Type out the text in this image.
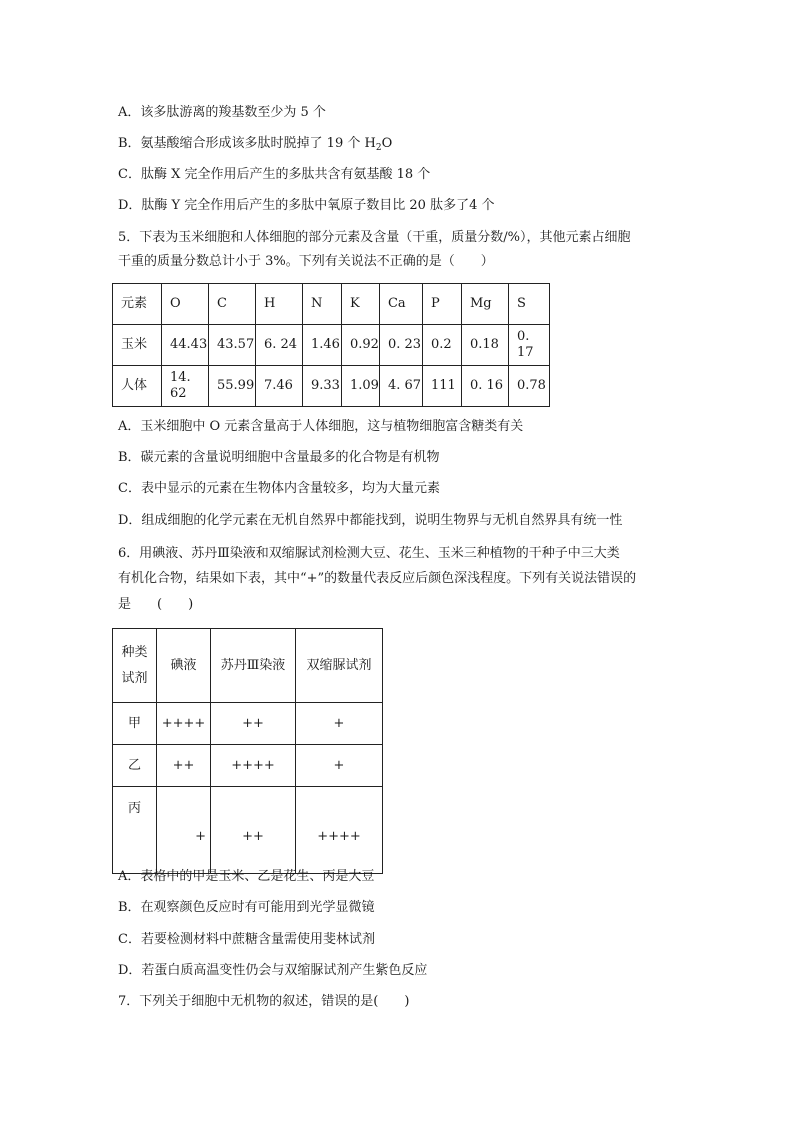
A．该多肽游离的羧基数至少为 5 个
B．氨基酸缩合形成该多肽时脱掉了 19 个 $H_2O$
C．肽酶 X 完全作用后产生的多肽共含有氨基酸 18 个
D．肽酶 Y 完全作用后产生的多肽中氧原子数目比 20 肽多了4 个
5．下表为玉米细胞和人体细胞的部分元素及含量（干重，质量分数/%），其他元素占细胞
干重的质量分数总计小于 3%。下列有关说法不正确的是（　　）
元素	O	C	H	N	K	Ca	P	Mg	S
玉米	44.43	43.57	6. 24	1.46	0.92	0. 23	0.2	0.18	0. 17
人体	14. 62	55.99	7.46	9.33	1.09	4. 67	111	0. 16	0.78
A．玉米细胞中 O 元素含量高于人体细胞，这与植物细胞富含糖类有关
B．碳元素的含量说明细胞中含量最多的化合物是有机物
C．表中显示的元素在生物体内含量较多，均为大量元素
D．组成细胞的化学元素在无机自然界中都能找到，说明生物界与无机自然界具有统一性
6．用碘液、苏丹Ⅲ染液和双缩脲试剂检测大豆、花生、玉米三种植物的干种子中三大类
有机化合物，结果如下表，其中“+”的数量代表反应后颜色深浅程度。下列有关说法错误的
是　　(　　)
种类
试剂	碘液	苏丹Ⅲ染液	双缩脲试剂
甲	++++	++	+
乙	++	++++	+
丙	+	++	++++
A．表格中的甲是玉米、乙是花生、丙是大豆
B．在观察颜色反应时有可能用到光学显微镜
C．若要检测材料中蔗糖含量需使用斐林试剂
D．若蛋白质高温变性仍会与双缩脲试剂产生紫色反应
7．下列关于细胞中无机物的叙述，错误的是(　　)
